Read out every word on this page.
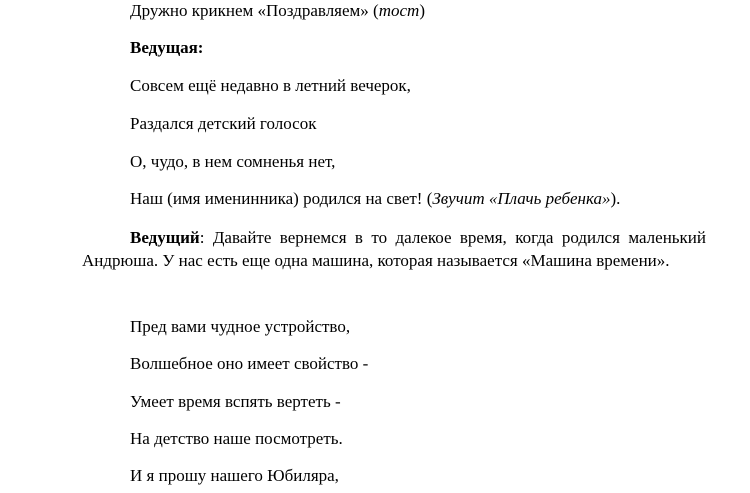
Дружно крикнем «Поздравляем» (тост)
Ведущая:
Совсем ещё недавно в летний вечерок,
Раздался детский голосок
О, чудо, в нем сомненья нет,
Наш (имя именинника) родился на свет! (Звучит «Плачь ребенка»).
Ведущий: Давайте вернемся в то далекое время, когда родился маленький Андрюша. У нас есть еще одна машина, которая называется «Машина времени».
Пред вами чудное устройство,
Волшебное оно имеет свойство -
Умеет время вспять вертеть -
На детство наше посмотреть.
И я прошу нашего Юбиляра,
